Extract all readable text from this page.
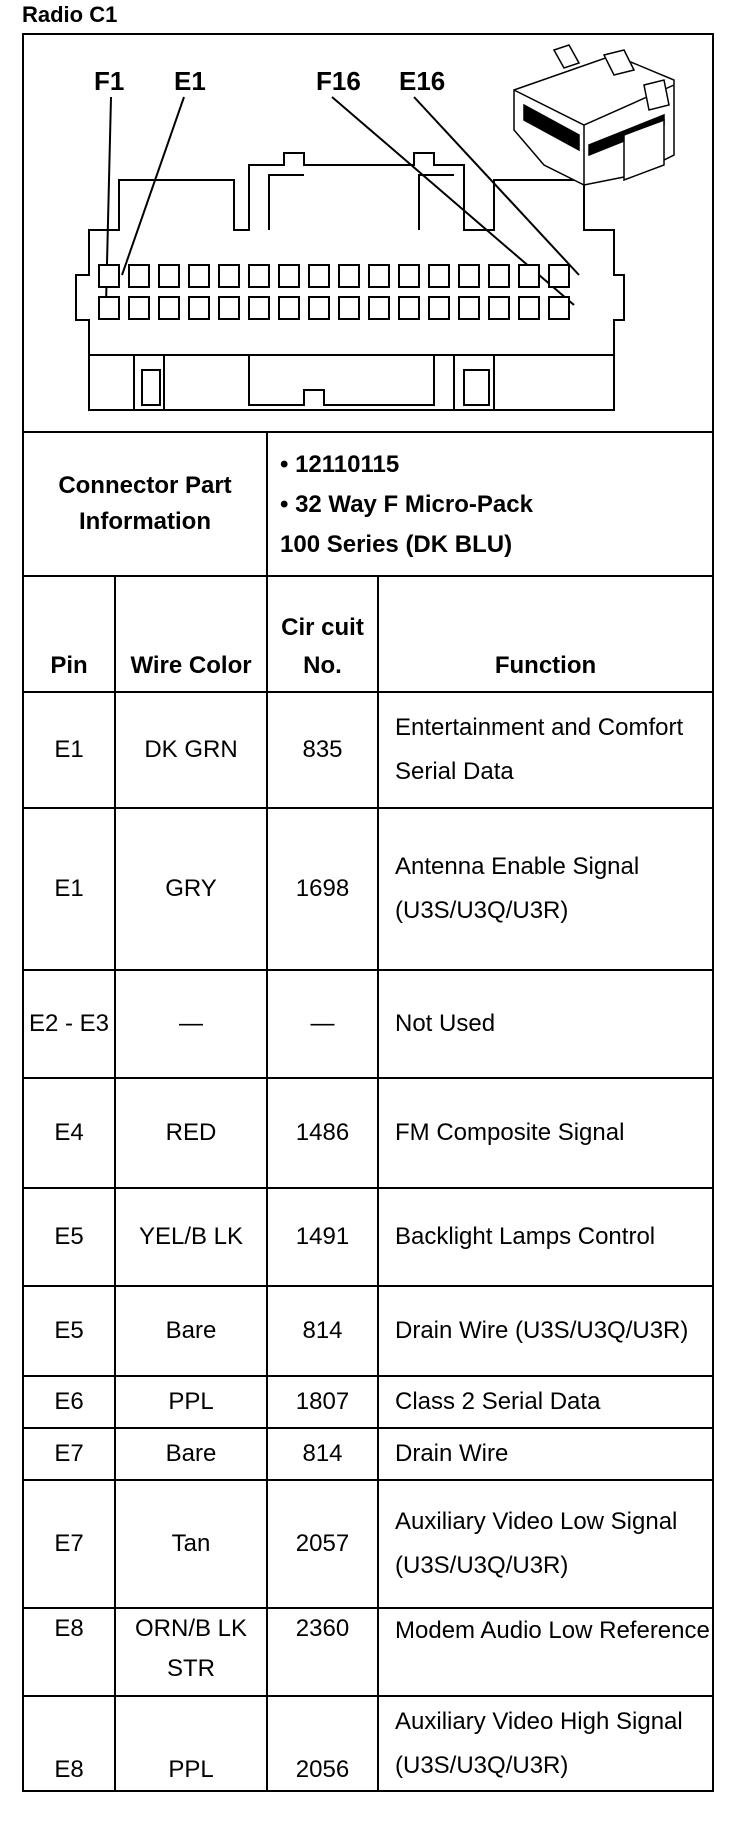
Radio C1
F1 E1 F16 E16			

Connector Part Information		• 12110115
• 32 Way F Micro-Pack
100 Series (DK BLU)	

Pin	Wire Color	Cir cuit No.	Function
E1	DK GRN	835	Entertainment and Comfort Serial Data
E1	GRY	1698	Antenna Enable Signal (U3S/U3Q/U3R)
E2 - E3	—	—	Not Used
E4	RED	1486	FM Composite Signal
E5	YEL/B LK	1491	Backlight Lamps Control
E5	Bare	814	Drain Wire (U3S/U3Q/U3R)
E6	PPL	1807	Class 2 Serial Data
E7	Bare	814	Drain Wire
E7	Tan	2057	Auxiliary Video Low Signal (U3S/U3Q/U3R)
E8	ORN/B LK STR	2360	Modem Audio Low Reference
E8	PPL	2056	Auxiliary Video High Signal (U3S/U3Q/U3R)
